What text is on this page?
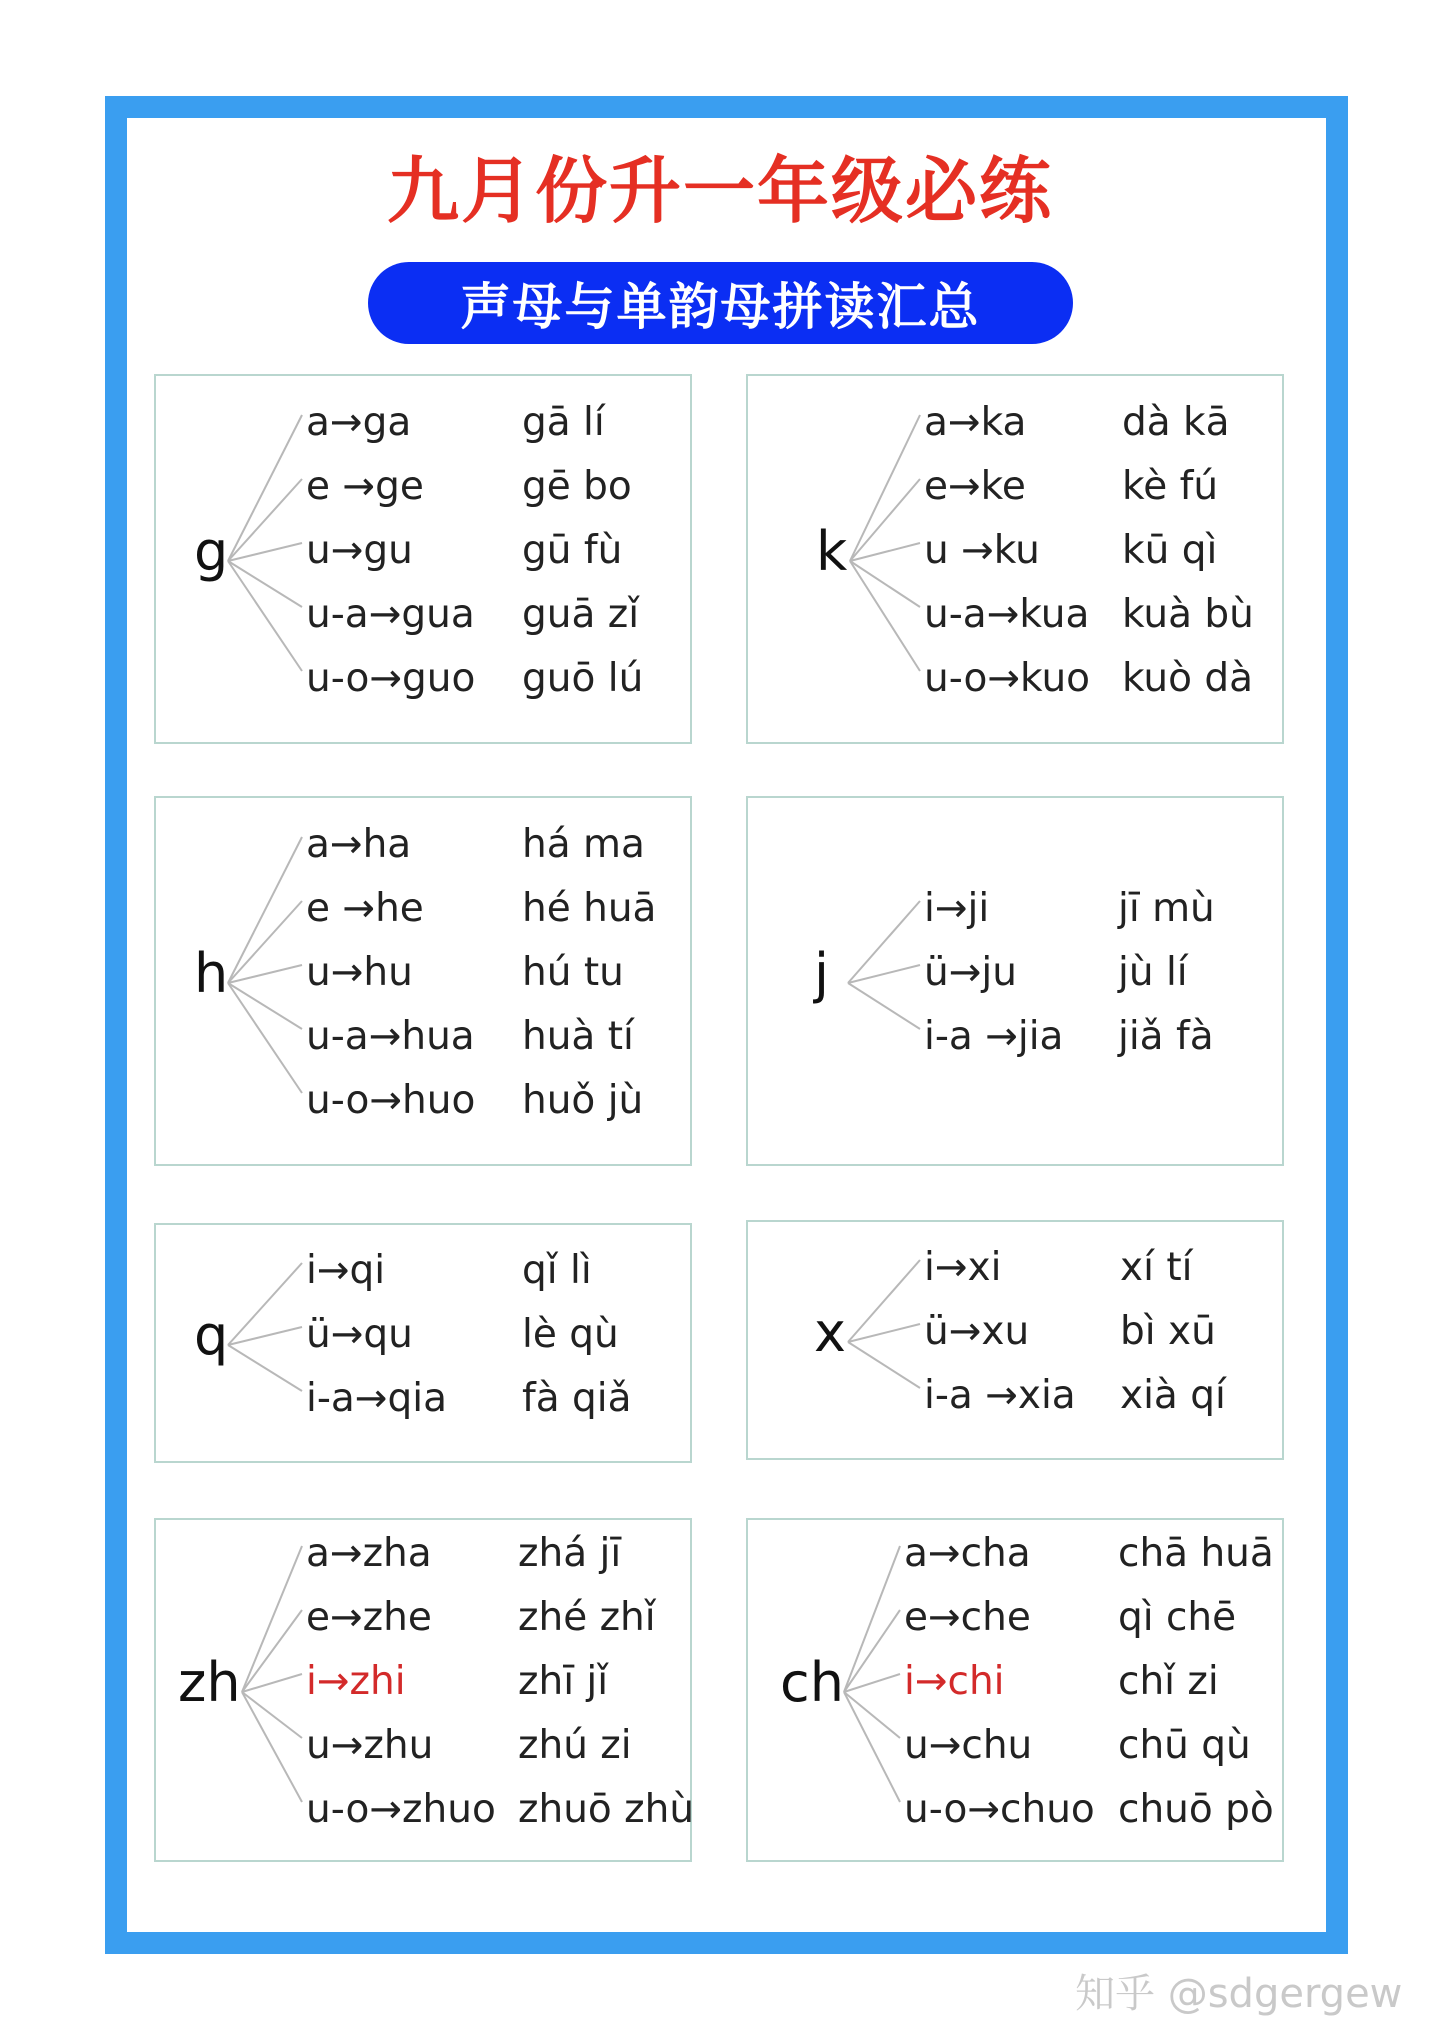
九月份升一年级必练
声母与单韵母拼读汇总
g
a→ga	gā lí
e →ge	gē bo
u→gu	gū fù
u-a→gua guā zǐ
u-o→guo guō lú
k
a→ka dà kā
e→ke kè fú
u →ku kū qì
u-a→kua kuà bù
u-o→kuo kuò dà
h
a→ha	há ma
e →he	hé huā
u→hu	hú tu
u-a→hua huà tí
u-o→huo huǒ jù
j
i→ji	jī mù
ü→ju	jù lí
i-a →jia jiǎ fà
q
i→qi	qǐ lì
ü→qu	lè qù
i-a→qia fà qiǎ
x
i→xi	xí tí
ü→xu bì xū
i-a →xia xià qí
zh
a→zha zhá jī
e→zhe zhé zhǐ
i→zhi	zhī jǐ
u→zhu zhú zi
u-o→zhuo zhuō zhù
ch
a→cha chā huā
e→che qì chē
i→chi	chǐ zi
u→chu chū qù
u-o→chuo chuō pò
知乎 @sdgergew
